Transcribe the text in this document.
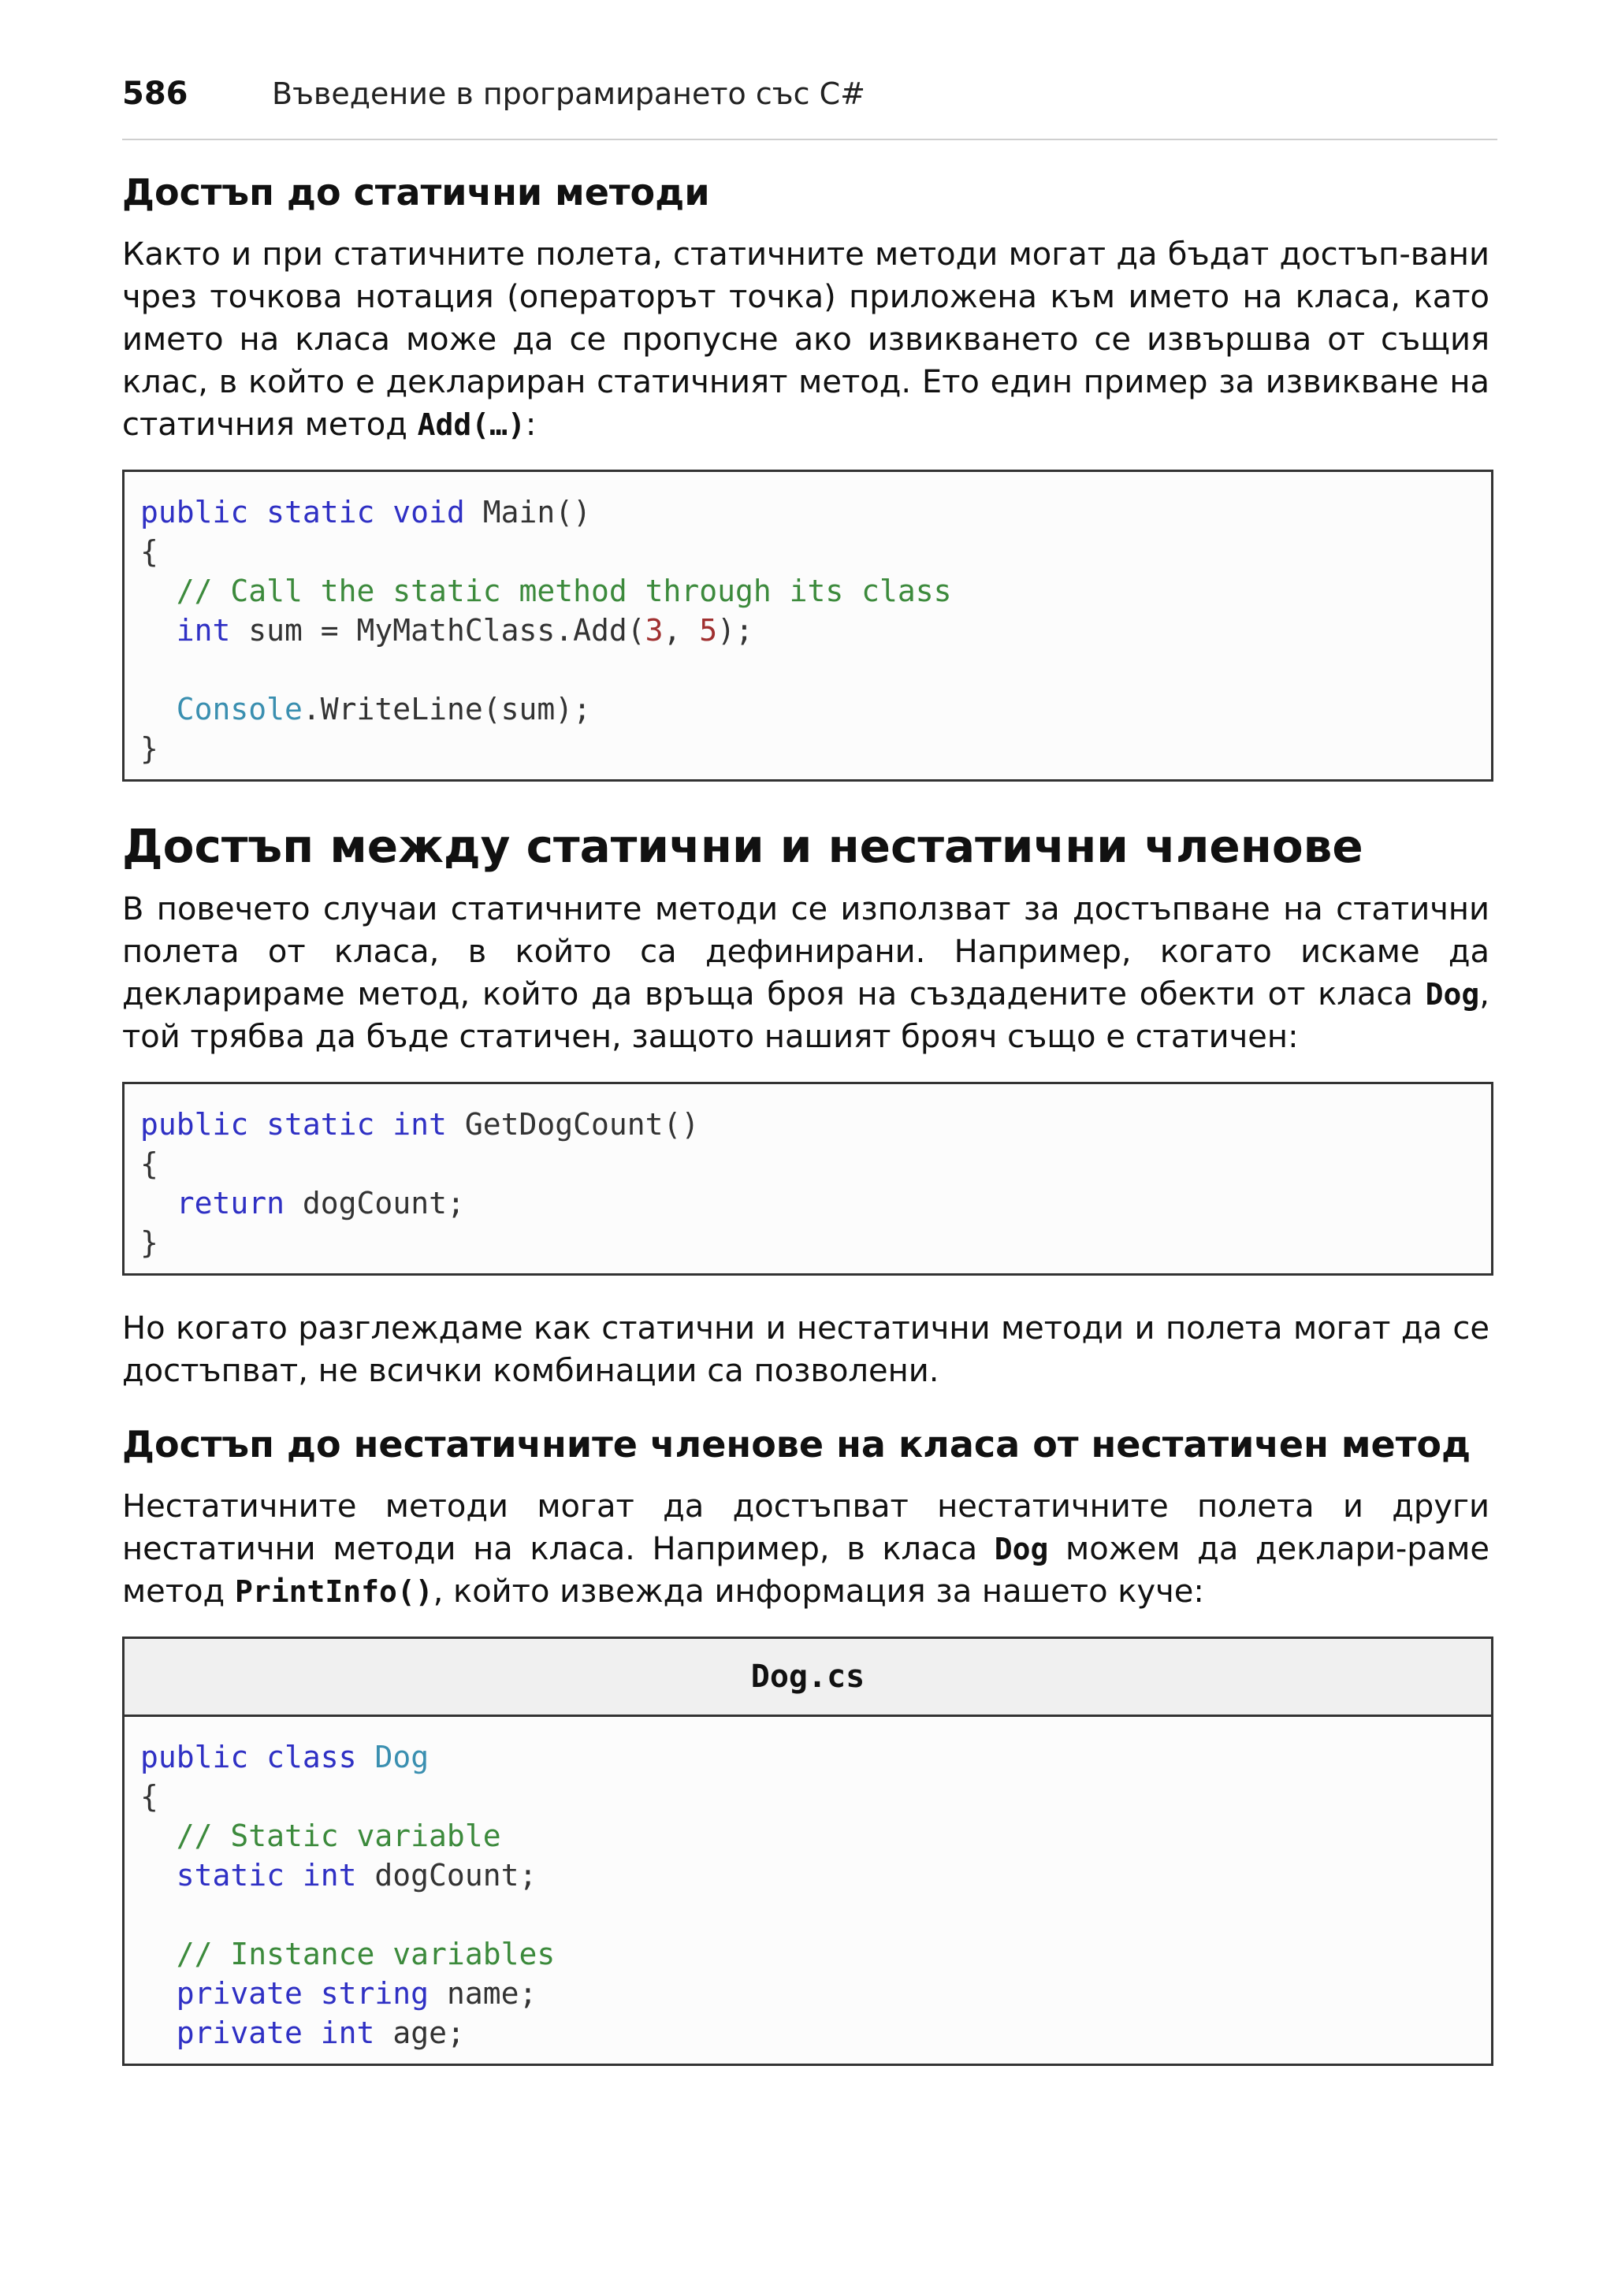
586	Въведение в програмирането със C#
Достъп до статични методи

Както и при статичните полета, статичните методи могат да бъдат достъп-вани чрез точкова нотация (операторът точка) приложена към името на класа, като името на класа може да се пропусне ако извикването се извършва от същия клас, в който е деклариран статичният метод. Ето един пример за извикване на статичния метод Add(…):

public static void Main()
{
// Call the static method through its class
int sum = MyMathClass.Add(3, 5);
Console.WriteLine(sum);
}
Достъп между статични и нестатични членове

В повечето случаи статичните методи се използват за достъпване на статични полета от класа, в който са дефинирани. Например, когато искаме да декларираме метод, който да връща броя на създадените обекти от класа Dog, той трябва да бъде статичен, защото нашият брояч също е статичен:

public static int GetDogCount()
{
return dogCount;
}

Но когато разглеждаме как статични и нестатични методи и полета могат да се достъпват, не всички комбинации са позволени.

Достъп до нестатичните членове на класа от нестатичен метод

Нестатичните методи могат да достъпват нестатичните полета и други нестатични методи на класа. Например, в класа Dog можем да деклари-раме метод PrintInfo(), който извежда информация за нашето куче:

Dog.cs
public class Dog
{
// Static variable
static int dogCount;
// Instance variables
private string name;
private int age;
